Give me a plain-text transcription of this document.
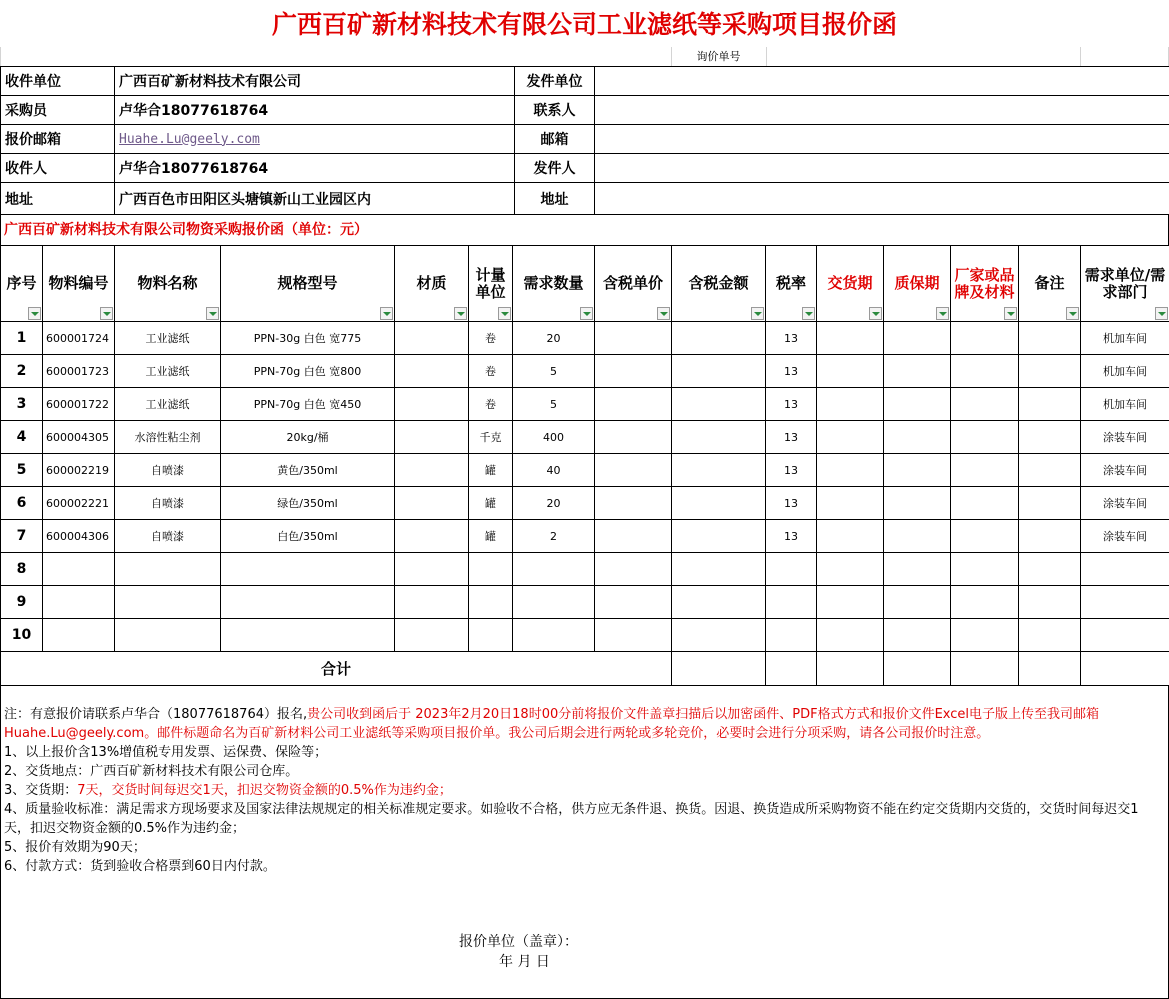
广西百矿新材料技术有限公司工业滤纸等采购项目报价函
询价单号
收件单位	广西百矿新材料技术有限公司	发件单位	
采购员	卢华合18077618764	联系人	
报价邮箱	Huahe.Lu@geely.com	邮箱	
收件人	卢华合18077618764	发件人	
地址	广西百色市田阳区头塘镇新山工业园区内	地址	
广西百矿新材料技术有限公司物资采购报价函（单位：元）
序号	物料编号	物料名称	规格型号	材质	计量单位	需求数量	含税单价	含税金额	税率	交货期	质保期	厂家或品牌及材料	备注	需求单位/需求部门

1	600001724	工业滤纸	PPN-30g 白色 宽775		卷	20			13					机加车间
2	600001723	工业滤纸	PPN-70g 白色 宽800		卷	5			13					机加车间
3	600001722	工业滤纸	PPN-70g 白色 宽450		卷	5			13					机加车间
4	600004305	水溶性粘尘剂	20kg/桶		千克	400			13					涂装车间
5	600002219	自喷漆	黄色/350ml		罐	40			13					涂装车间
6	600002221	自喷漆	绿色/350ml		罐	20			13					涂装车间
7	600004306	自喷漆	白色/350ml		罐	2			13					涂装车间
8														
9														
10														
合计														

注：有意报价请联系卢华合（18077618764）报名,贵公司收到函后于 2023年2月20日18时00分前将报价文件盖章扫描后以加密函件、PDF格式方式和报价文件Excel电子版上传至我司邮箱Huahe.Lu@geely.com。邮件标题命名为百矿新材料公司工业滤纸等采购项目报价单。我公司后期会进行两轮或多轮竞价，必要时会进行分项采购，请各公司报价时注意。

1、以上报价含13%增值税专用发票、运保费、保险等；

2、交货地点：广西百矿新材料技术有限公司仓库。

3、交货期：7天，交货时间每迟交1天，扣迟交物资金额的0.5%作为违约金；

4、质量验收标准：满足需求方现场要求及国家法律法规规定的相关标准规定要求。如验收不合格，供方应无条件退、换货。因退、换货造成所采购物资不能在约定交货期内交货的，交货时间每迟交1天，扣迟交物资金额的0.5%作为违约金；

5、报价有效期为90天；

6、付款方式：货到验收合格票到60日内付款。

报价单位（盖章）：
年 月 日
